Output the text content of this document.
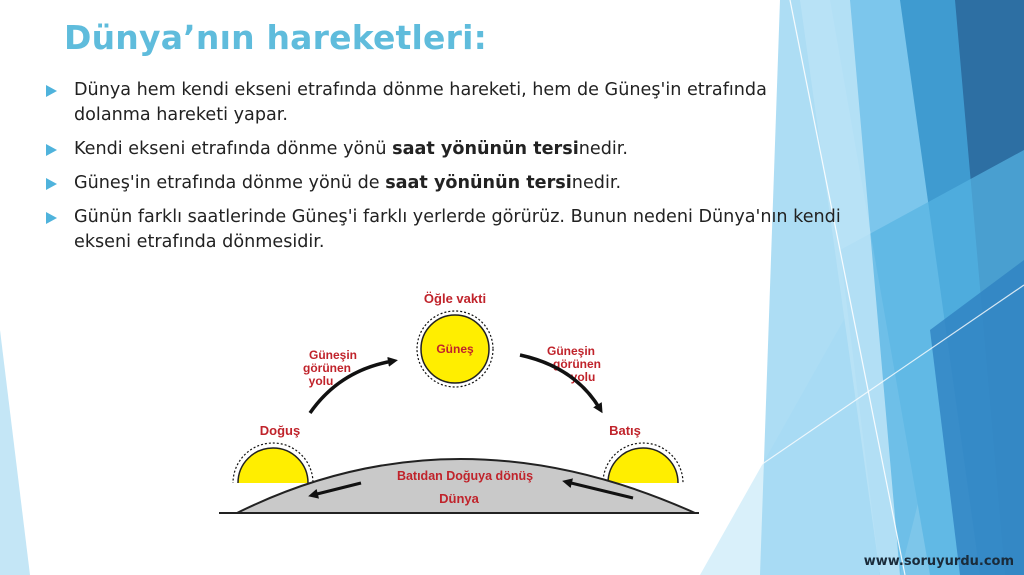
Dünya’nın hareketleri:
Dünya hem kendi ekseni etrafında dönme hareketi, hem de Güneş'in etrafında dolanma hareketi yapar.
Kendi ekseni etrafında dönme yönü saat yönünün tersinedir.
Güneş'in etrafında dönme yönü de saat yönünün tersinedir.
Günün farklı saatlerinde Güneş'i farklı yerlerde görürüz. Bunun nedeni Dünya'nın kendi ekseni etrafında dönmesidir.
Öğle vakti
Güneş
Güneşin
görünen
yolu
Güneşin
görünen
yolu
Doğuş	Batış
Batıdan Doğuya dönüş
Dünya
www.soruyurdu.com
